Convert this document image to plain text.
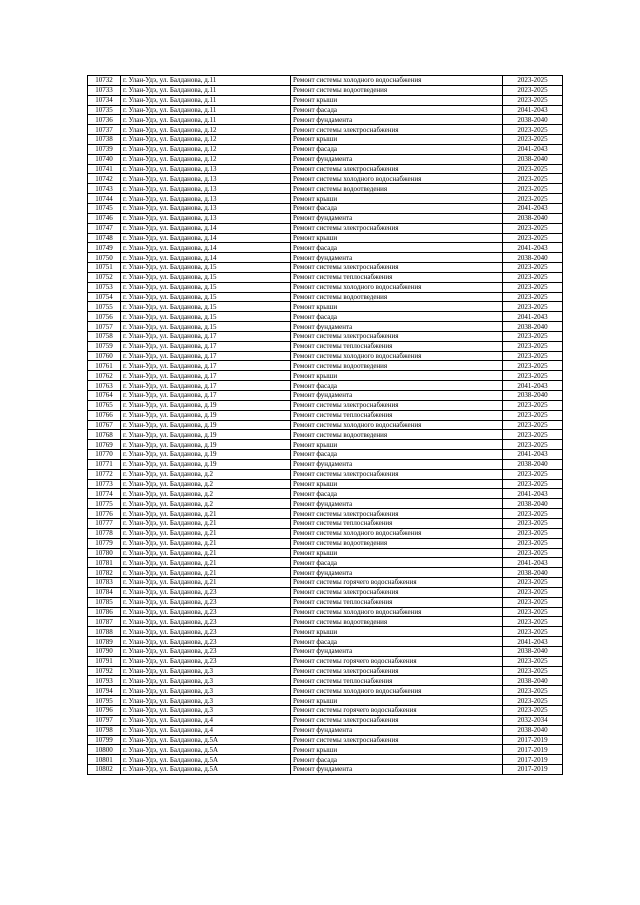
10732	г. Улан-Удэ, ул. Балданова, д.11	Ремонт системы холодного водоснабжения	2023-2025
10733	г. Улан-Удэ, ул. Балданова, д.11	Ремонт системы водоотведения	2023-2025
10734	г. Улан-Удэ, ул. Балданова, д.11	Ремонт крыши	2023-2025
10735	г. Улан-Удэ, ул. Балданова, д.11	Ремонт фасада	2041-2043
10736	г. Улан-Удэ, ул. Балданова, д.11	Ремонт фундамента	2038-2040
10737	г. Улан-Удэ, ул. Балданова, д.12	Ремонт системы электроснабжения	2023-2025
10738	г. Улан-Удэ, ул. Балданова, д.12	Ремонт крыши	2023-2025
10739	г. Улан-Удэ, ул. Балданова, д.12	Ремонт фасада	2041-2043
10740	г. Улан-Удэ, ул. Балданова, д.12	Ремонт фундамента	2038-2040
10741	г. Улан-Удэ, ул. Балданова, д.13	Ремонт системы электроснабжения	2023-2025
10742	г. Улан-Удэ, ул. Балданова, д.13	Ремонт системы холодного водоснабжения	2023-2025
10743	г. Улан-Удэ, ул. Балданова, д.13	Ремонт системы водоотведения	2023-2025
10744	г. Улан-Удэ, ул. Балданова, д.13	Ремонт крыши	2023-2025
10745	г. Улан-Удэ, ул. Балданова, д.13	Ремонт фасада	2041-2043
10746	г. Улан-Удэ, ул. Балданова, д.13	Ремонт фундамента	2038-2040
10747	г. Улан-Удэ, ул. Балданова, д.14	Ремонт системы электроснабжения	2023-2025
10748	г. Улан-Удэ, ул. Балданова, д.14	Ремонт крыши	2023-2025
10749	г. Улан-Удэ, ул. Балданова, д.14	Ремонт фасада	2041-2043
10750	г. Улан-Удэ, ул. Балданова, д.14	Ремонт фундамента	2038-2040
10751	г. Улан-Удэ, ул. Балданова, д.15	Ремонт системы электроснабжения	2023-2025
10752	г. Улан-Удэ, ул. Балданова, д.15	Ремонт системы теплоснабжения	2023-2025
10753	г. Улан-Удэ, ул. Балданова, д.15	Ремонт системы холодного водоснабжения	2023-2025
10754	г. Улан-Удэ, ул. Балданова, д.15	Ремонт системы водоотведения	2023-2025
10755	г. Улан-Удэ, ул. Балданова, д.15	Ремонт крыши	2023-2025
10756	г. Улан-Удэ, ул. Балданова, д.15	Ремонт фасада	2041-2043
10757	г. Улан-Удэ, ул. Балданова, д.15	Ремонт фундамента	2038-2040
10758	г. Улан-Удэ, ул. Балданова, д.17	Ремонт системы электроснабжения	2023-2025
10759	г. Улан-Удэ, ул. Балданова, д.17	Ремонт системы теплоснабжения	2023-2025
10760	г. Улан-Удэ, ул. Балданова, д.17	Ремонт системы холодного водоснабжения	2023-2025
10761	г. Улан-Удэ, ул. Балданова, д.17	Ремонт системы водоотведения	2023-2025
10762	г. Улан-Удэ, ул. Балданова, д.17	Ремонт крыши	2023-2025
10763	г. Улан-Удэ, ул. Балданова, д.17	Ремонт фасада	2041-2043
10764	г. Улан-Удэ, ул. Балданова, д.17	Ремонт фундамента	2038-2040
10765	г. Улан-Удэ, ул. Балданова, д.19	Ремонт системы электроснабжения	2023-2025
10766	г. Улан-Удэ, ул. Балданова, д.19	Ремонт системы теплоснабжения	2023-2025
10767	г. Улан-Удэ, ул. Балданова, д.19	Ремонт системы холодного водоснабжения	2023-2025
10768	г. Улан-Удэ, ул. Балданова, д.19	Ремонт системы водоотведения	2023-2025
10769	г. Улан-Удэ, ул. Балданова, д.19	Ремонт крыши	2023-2025
10770	г. Улан-Удэ, ул. Балданова, д.19	Ремонт фасада	2041-2043
10771	г. Улан-Удэ, ул. Балданова, д.19	Ремонт фундамента	2038-2040
10772	г. Улан-Удэ, ул. Балданова, д.2	Ремонт системы электроснабжения	2023-2025
10773	г. Улан-Удэ, ул. Балданова, д.2	Ремонт крыши	2023-2025
10774	г. Улан-Удэ, ул. Балданова, д.2	Ремонт фасада	2041-2043
10775	г. Улан-Удэ, ул. Балданова, д.2	Ремонт фундамента	2038-2040
10776	г. Улан-Удэ, ул. Балданова, д.21	Ремонт системы электроснабжения	2023-2025
10777	г. Улан-Удэ, ул. Балданова, д.21	Ремонт системы теплоснабжения	2023-2025
10778	г. Улан-Удэ, ул. Балданова, д.21	Ремонт системы холодного водоснабжения	2023-2025
10779	г. Улан-Удэ, ул. Балданова, д.21	Ремонт системы водоотведения	2023-2025
10780	г. Улан-Удэ, ул. Балданова, д.21	Ремонт крыши	2023-2025
10781	г. Улан-Удэ, ул. Балданова, д.21	Ремонт фасада	2041-2043
10782	г. Улан-Удэ, ул. Балданова, д.21	Ремонт фундамента	2038-2040
10783	г. Улан-Удэ, ул. Балданова, д.21	Ремонт системы горячего водоснабжения	2023-2025
10784	г. Улан-Удэ, ул. Балданова, д.23	Ремонт системы электроснабжения	2023-2025
10785	г. Улан-Удэ, ул. Балданова, д.23	Ремонт системы теплоснабжения	2023-2025
10786	г. Улан-Удэ, ул. Балданова, д.23	Ремонт системы холодного водоснабжения	2023-2025
10787	г. Улан-Удэ, ул. Балданова, д.23	Ремонт системы водоотведения	2023-2025
10788	г. Улан-Удэ, ул. Балданова, д.23	Ремонт крыши	2023-2025
10789	г. Улан-Удэ, ул. Балданова, д.23	Ремонт фасада	2041-2043
10790	г. Улан-Удэ, ул. Балданова, д.23	Ремонт фундамента	2038-2040
10791	г. Улан-Удэ, ул. Балданова, д.23	Ремонт системы горячего водоснабжения	2023-2025
10792	г. Улан-Удэ, ул. Балданова, д.3	Ремонт системы электроснабжения	2023-2025
10793	г. Улан-Удэ, ул. Балданова, д.3	Ремонт системы теплоснабжения	2038-2040
10794	г. Улан-Удэ, ул. Балданова, д.3	Ремонт системы холодного водоснабжения	2023-2025
10795	г. Улан-Удэ, ул. Балданова, д.3	Ремонт крыши	2023-2025
10796	г. Улан-Удэ, ул. Балданова, д.3	Ремонт системы горячего водоснабжения	2023-2025
10797	г. Улан-Удэ, ул. Балданова, д.4	Ремонт системы электроснабжения	2032-2034
10798	г. Улан-Удэ, ул. Балданова, д.4	Ремонт фундамента	2038-2040
10799	г. Улан-Удэ, ул. Балданова, д.5А	Ремонт системы электроснабжения	2017-2019
10800	г. Улан-Удэ, ул. Балданова, д.5А	Ремонт крыши	2017-2019
10801	г. Улан-Удэ, ул. Балданова, д.5А	Ремонт фасада	2017-2019
10802	г. Улан-Удэ, ул. Балданова, д.5А	Ремонт фундамента	2017-2019
